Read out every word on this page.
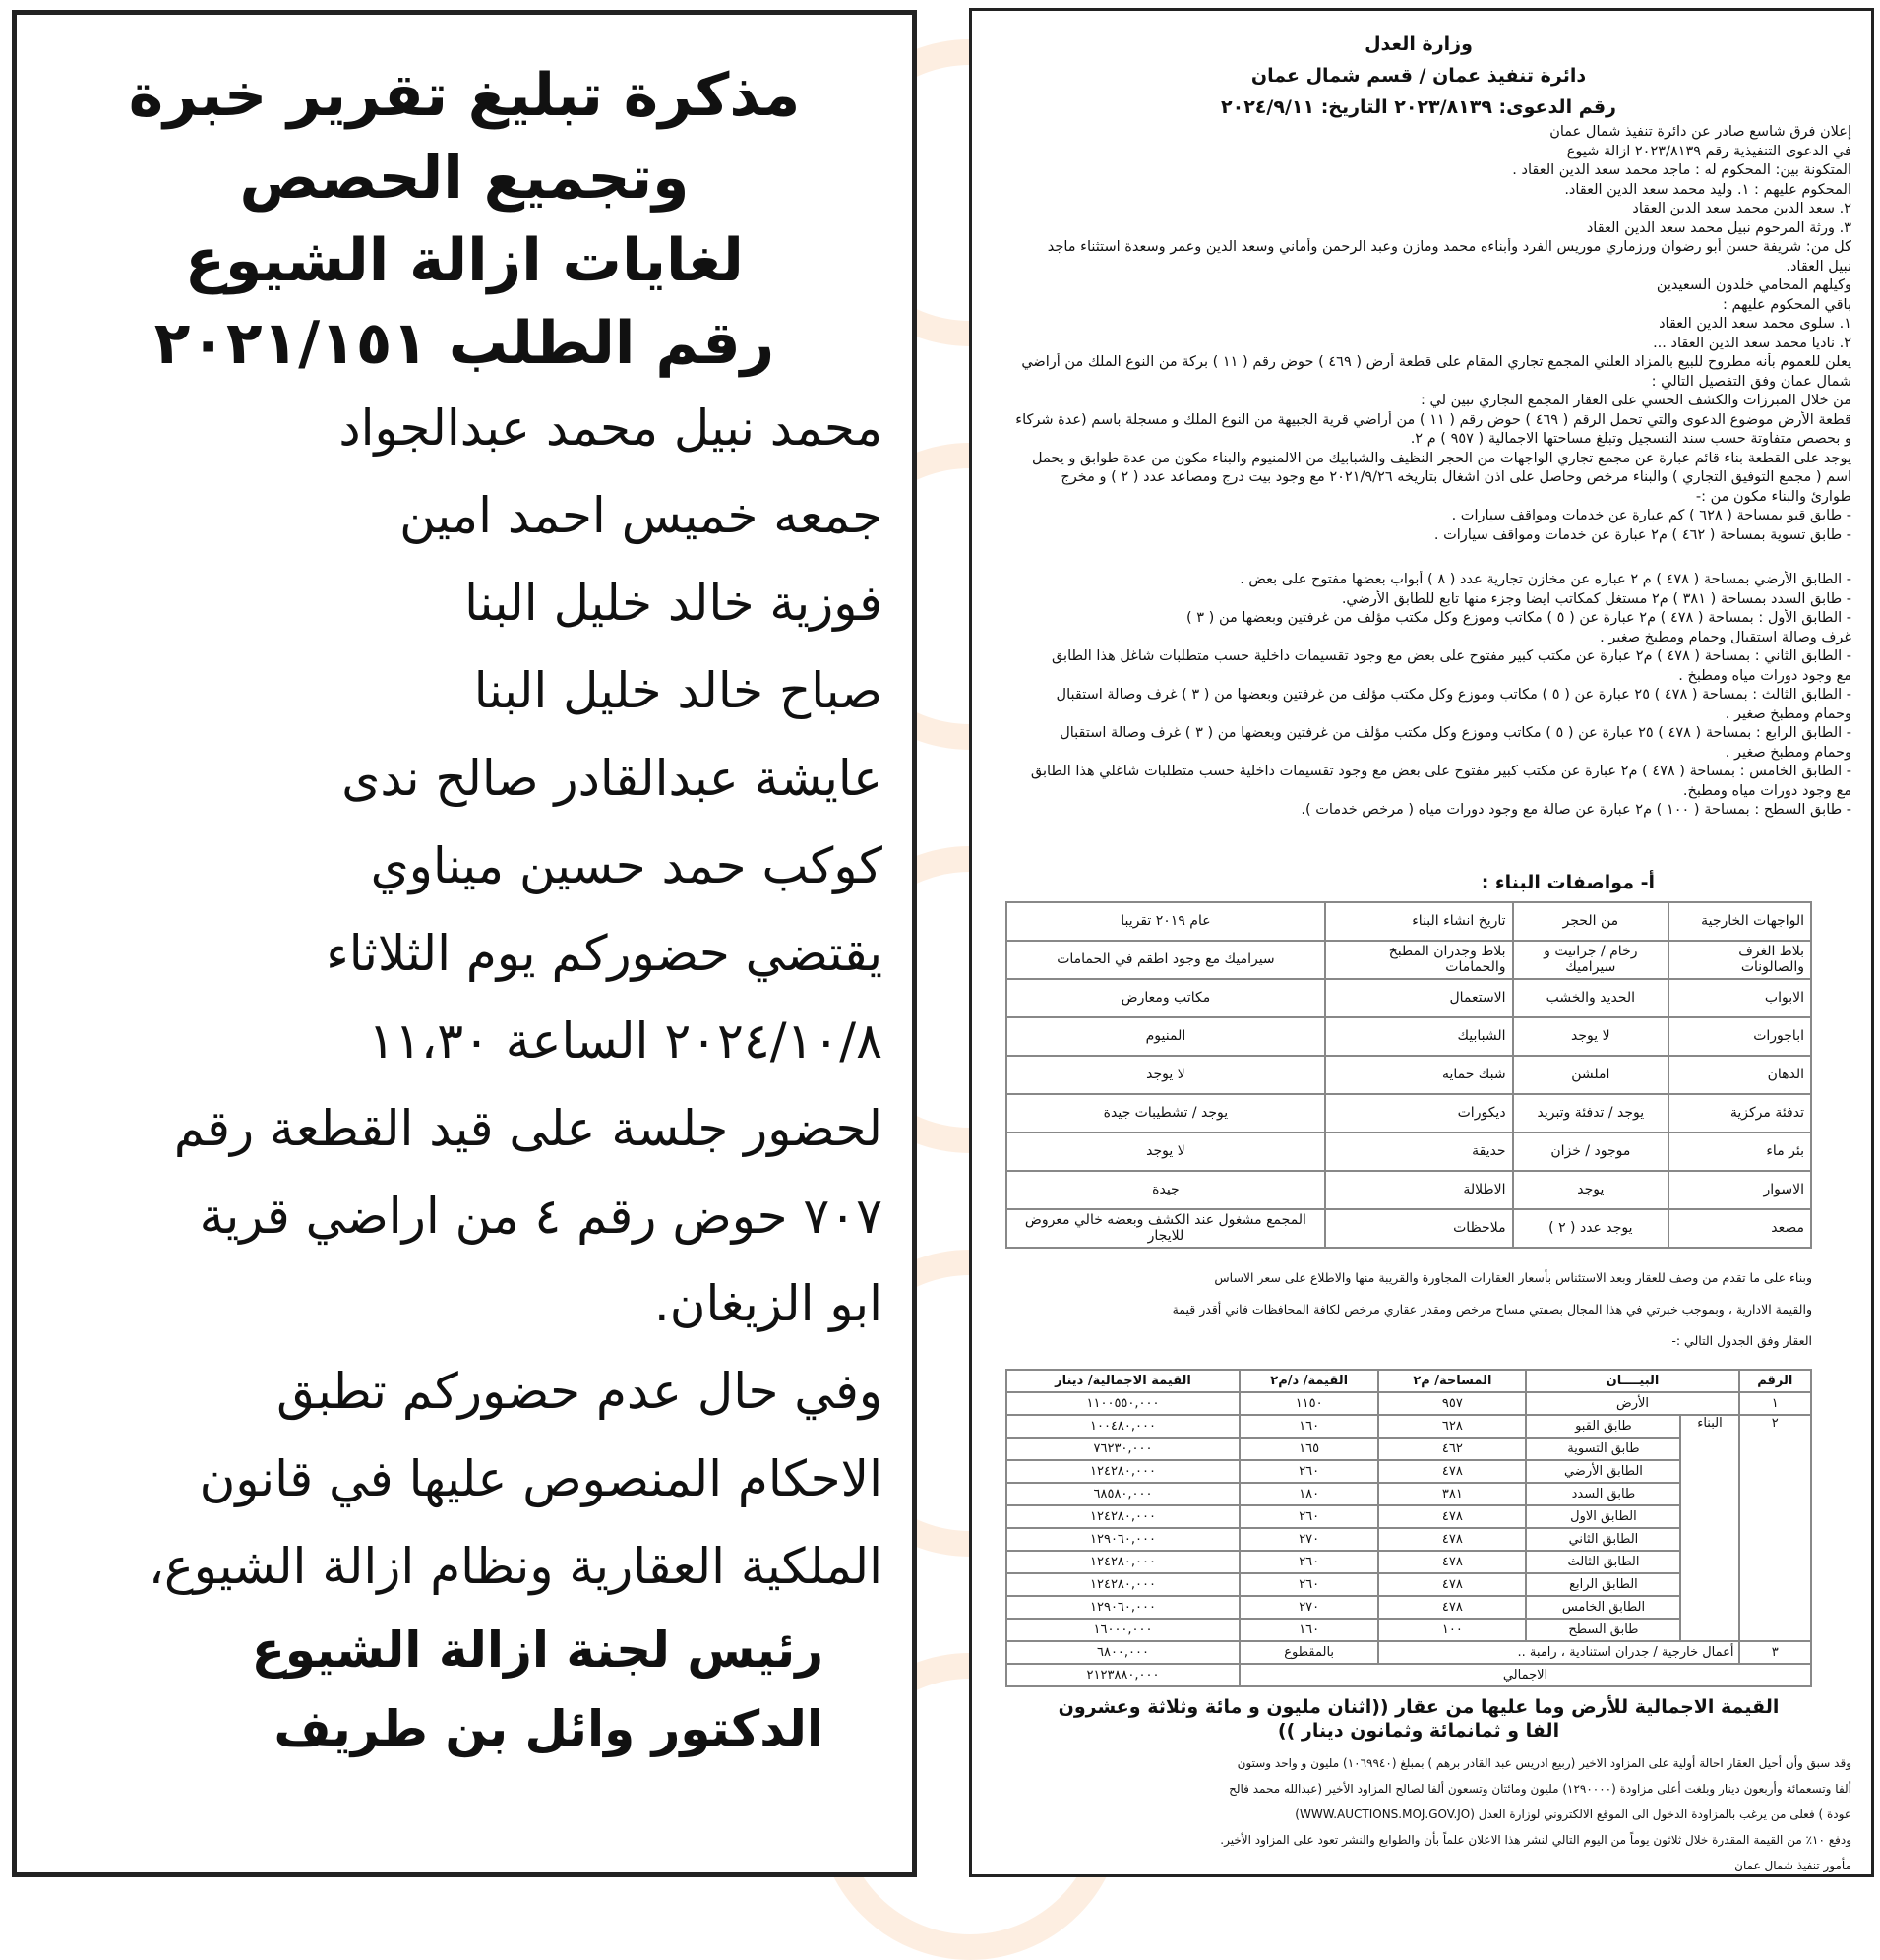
مذكرة تبليغ تقرير خبرة
وتجميع الحصص
لغايات ازالة الشيوع
رقم الطلب ٢٠٢١/١٥١
محمد نبيل محمد عبدالجواد
جمعه خميس احمد امين
فوزية خالد خليل البنا
صباح خالد خليل البنا
عايشة عبدالقادر صالح ندى
كوكب حمد حسين ميناوي
يقتضي حضوركم يوم الثلاثاء
٢٠٢٤/١٠/٨ الساعة ١١،٣٠
لحضور جلسة على قيد القطعة رقم
٧٠٧ حوض رقم ٤ من اراضي قرية
ابو الزيغان.
وفي حال عدم حضوركم تطبق
الاحكام المنصوص عليها في قانون
الملكية العقارية ونظام ازالة الشيوع،
رئيس لجنة ازالة الشيوع
الدكتور وائل بن طريف
وزارة العدل
دائرة تنفيذ عمان / قسم شمال عمان
رقم الدعوى: ٢٠٢٣/٨١٣٩ التاريخ: ٢٠٢٤/٩/١١

إعلان فرق شاسع صادر عن دائرة تنفيذ شمال عمان

في الدعوى التنفيذية رقم ٢٠٢٣/٨١٣٩ ازالة شيوع

المتكونة بين: المحكوم له : ماجد محمد سعد الدين العقاد .

المحكوم عليهم : ١. وليد محمد سعد الدين العقاد.

٢. سعد الدين محمد سعد الدين العقاد

٣. ورثة المرحوم نبيل محمد سعد الدين العقاد

كل من: شريفة حسن أبو رضوان ورزماري موريس الفرد وأبناءه محمد ومازن وعبد الرحمن وأماني وسعد الدين وعمر وسعدة استثناء ماجد

نبيل العقاد.

وكيلهم المحامي خلدون السعيدين

باقي المحكوم عليهم :

١. سلوى محمد سعد الدين العقاد

٢. ناديا محمد سعد الدين العقاد ...

يعلن للعموم بأنه مطروح للبيع بالمزاد العلني المجمع تجاري المقام على قطعة أرض ( ٤٦٩ ) حوض رقم ( ١١ ) بركة من النوع الملك من أراضي

شمال عمان وفق التفصيل التالي :

من خلال المبرزات والكشف الحسي على العقار المجمع التجاري تبين لي :

قطعة الأرض موضوع الدعوى والتي تحمل الرقم ( ٤٦٩ ) حوض رقم ( ١١ ) من أراضي قرية الجبيهة من النوع الملك و مسجلة باسم (عدة شركاء

و بحصص متفاوتة حسب سند التسجيل وتبلغ مساحتها الاجمالية ( ٩٥٧ ) م ٢.

يوجد على القطعة بناء قائم عبارة عن مجمع تجاري الواجهات من الحجر النظيف والشبابيك من الالمنيوم والبناء مكون من عدة طوابق و يحمل

اسم ( مجمع التوفيق التجاري ) والبناء مرخص وحاصل على اذن اشغال بتاريخه ٢٠٢١/٩/٢٦ مع وجود بيت درج ومصاعد عدد ( ٢ ) و مخرج

طوارئ والبناء مكون من :-

- طابق قبو بمساحة ( ٦٢٨ ) كم عبارة عن خدمات ومواقف سيارات .

- طابق تسوية بمساحة ( ٤٦٢ ) م٢ عبارة عن خدمات ومواقف سيارات .

- الطابق الأرضي بمساحة ( ٤٧٨ ) م ٢ عباره عن مخازن تجارية عدد ( ٨ ) أبواب بعضها مفتوح على بعض .

- طابق السدد بمساحة ( ٣٨١ ) م٢ مستغل كمكاتب ايضا وجزء منها تابع للطابق الأرضي.

- الطابق الأول : بمساحة ( ٤٧٨ ) م٢ عبارة عن ( ٥ ) مكاتب وموزع وكل مكتب مؤلف من غرفتين وبعضها من ( ٣ )

غرف وصالة استقبال وحمام ومطبخ صغير .

- الطابق الثاني : بمساحة ( ٤٧٨ ) م٢ عبارة عن مكتب كبير مفتوح على بعض مع وجود تقسيمات داخلية حسب متطلبات شاغل هذا الطابق

مع وجود دورات مياه ومطبخ .

- الطابق الثالث : بمساحة ( ٤٧٨ ) ٢٥ عبارة عن ( ٥ ) مكاتب وموزع وكل مكتب مؤلف من غرفتين وبعضها من ( ٣ ) غرف وصالة استقبال

وحمام ومطبخ صغير .

- الطابق الرابع : بمساحة ( ٤٧٨ ) ٢٥ عبارة عن ( ٥ ) مكاتب وموزع وكل مكتب مؤلف من غرفتين وبعضها من ( ٣ ) غرف وصالة استقبال

وحمام ومطبخ صغير .

- الطابق الخامس : بمساحة ( ٤٧٨ ) م٢ عبارة عن مكتب كبير مفتوح على بعض مع وجود تقسيمات داخلية حسب متطلبات شاغلي هذا الطابق

مع وجود دورات مياه ومطبخ.

- طابق السطح : بمساحة ( ١٠٠ ) م٢ عبارة عن صالة مع وجود دورات مياه ( مرخص خدمات ).

أ- مواصفات البناء :
الواجهات الخارجية	من الحجر	تاريخ انشاء البناء	عام ٢٠١٩ تقريبا
بلاط الغرف والصالونات	رخام / جرانيت و سيراميك	بلاط وجدران المطبخ والحمامات	سيراميك مع وجود اطقم في الحمامات
الابواب	الحديد والخشب	الاستعمال	مكاتب ومعارض
اباجورات	لا يوجد	الشبابيك	المنيوم
الدهان	املشن	شبك حماية	لا يوجد
تدفئة مركزية	يوجد / تدفئة وتبريد	ديكورات	يوجد / تشطيبات جيدة
بئر ماء	موجود / خزان	حديقة	لا يوجد
الاسوار	يوجد	الاطلالة	جيدة
مصعد	يوجد عدد ( ٢ )	ملاحظات	المجمع مشغول عند الكشف وبعضه خالي معروض للايجار
وبناء على ما تقدم من وصف للعقار وبعد الاستئناس بأسعار العقارات المجاورة والقريبة منها والاطلاع على سعر الاساس
والقيمة الادارية ، وبموجب خبرتي في هذا المجال بصفتي مساح مرخص ومقدر عقاري مرخص لكافة المحافظات فاني أقدر قيمة
العقار وفق الجدول التالي :-
الرقم	البيــــان		المساحة/ م٢	القيمة/ د/م٢	القيمة الاجمالية/ دينار
١	الأرض		٩٥٧	١١٥٠	١١٠٠٥٥٠,٠٠٠
٢	البناء	طابق القبو	٦٢٨	١٦٠	١٠٠٤٨٠,٠٠٠
		طابق التسوية	٤٦٢	١٦٥	٧٦٢٣٠,٠٠٠
		الطابق الأرضي	٤٧٨	٢٦٠	١٢٤٢٨٠,٠٠٠
		طابق السدد	٣٨١	١٨٠	٦٨٥٨٠,٠٠٠
		الطابق الاول	٤٧٨	٢٦٠	١٢٤٢٨٠,٠٠٠
		الطابق الثاني	٤٧٨	٢٧٠	١٢٩٠٦٠,٠٠٠
		الطابق الثالث	٤٧٨	٢٦٠	١٢٤٢٨٠,٠٠٠
		الطابق الرابع	٤٧٨	٢٦٠	١٢٤٢٨٠,٠٠٠
		الطابق الخامس	٤٧٨	٢٧٠	١٢٩٠٦٠,٠٠٠
		طابق السطح	١٠٠	١٦٠	١٦٠٠٠,٠٠٠
٣	أعمال خارجية / جدران استنادية ، رامبة ..			بالمقطوع	٦٨٠٠,٠٠٠
الاجمالي					٢١٢٣٨٨٠,٠٠٠
القيمة الاجمالية للأرض وما عليها من عقار ((اثنان مليون و مائة وثلاثة وعشرون
الفا و ثمانمائة وثمانون دينار ))

وقد سبق وأن أحيل العقار احالة أولية على المزاود الاخير (ربيع ادريس عبد القادر برهم ) بمبلغ (١٠٦٩٩٤٠) مليون و واحد وستون

ألفا وتسعمائة وأربعون دينار وبلغت أعلى مزاودة (١٢٩٠٠٠٠) مليون ومائتان وتسعون ألفا لصالح المزاود الأخير (عبدالله محمد فالح

عودة ) فعلى من يرغب بالمزاودة الدخول الى الموقع الالكتروني لوزارة العدل (WWW.AUCTIONS.MOJ.GOV.JO)

ودفع ١٠٪ من القيمة المقدرة خلال ثلاثون يوماً من اليوم التالي لنشر هذا الاعلان علماً بأن والطوابع والنشر تعود على المزاود الأخير.

مأمور تنفيذ شمال عمان
